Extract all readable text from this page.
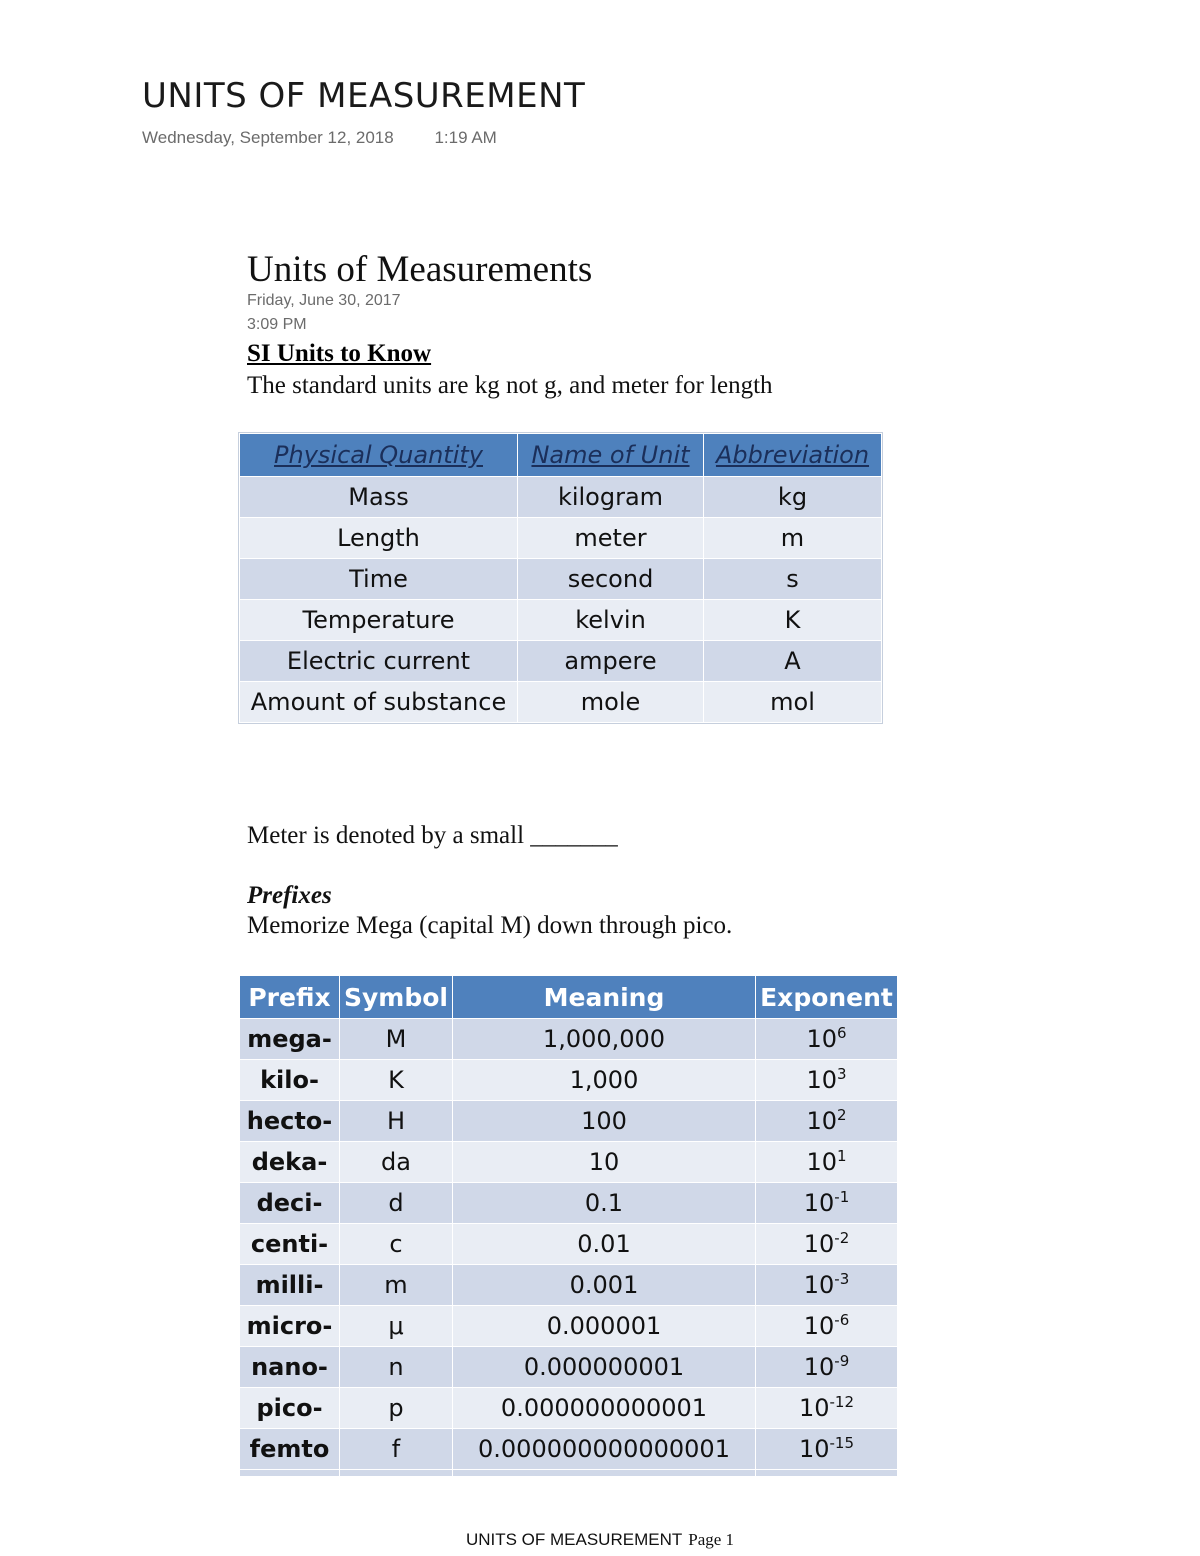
UNITS OF MEASUREMENT
Wednesday, September 12, 2018 1:19 AM
Units of Measurements
Friday, June 30, 2017
3:09 PM
SI Units to Know
The standard units are kg not g, and meter for length
Physical Quantity	Name of Unit	Abbreviation
Mass	kilogram	kg
Length	meter	m
Time	second	s
Temperature	kelvin	K
Electric current	ampere	A
Amount of substance	mole	mol
Meter is denoted by a small _______
Prefixes
Memorize Mega (capital M) down through pico.
Prefix	Symbol	Meaning	Exponent
mega-	M	1,000,000	$10^6$
kilo-	K	1,000	$10^3$
hecto-	H	100	$10^2$
deka-	da	10	$10^1$
deci-	d	0.1	$10^{-1}$
centi-	c	0.01	$10^{-2}$
milli-	m	0.001	$10^{-3}$
micro-	μ	0.000001	$10^{-6}$
nano-	n	0.000000001	$10^{-9}$
pico-	p	0.000000000001	$10^{-12}$
femto	f	0.000000000000001	$10^{-15}$

UNITS OF MEASUREMENT Page 1
